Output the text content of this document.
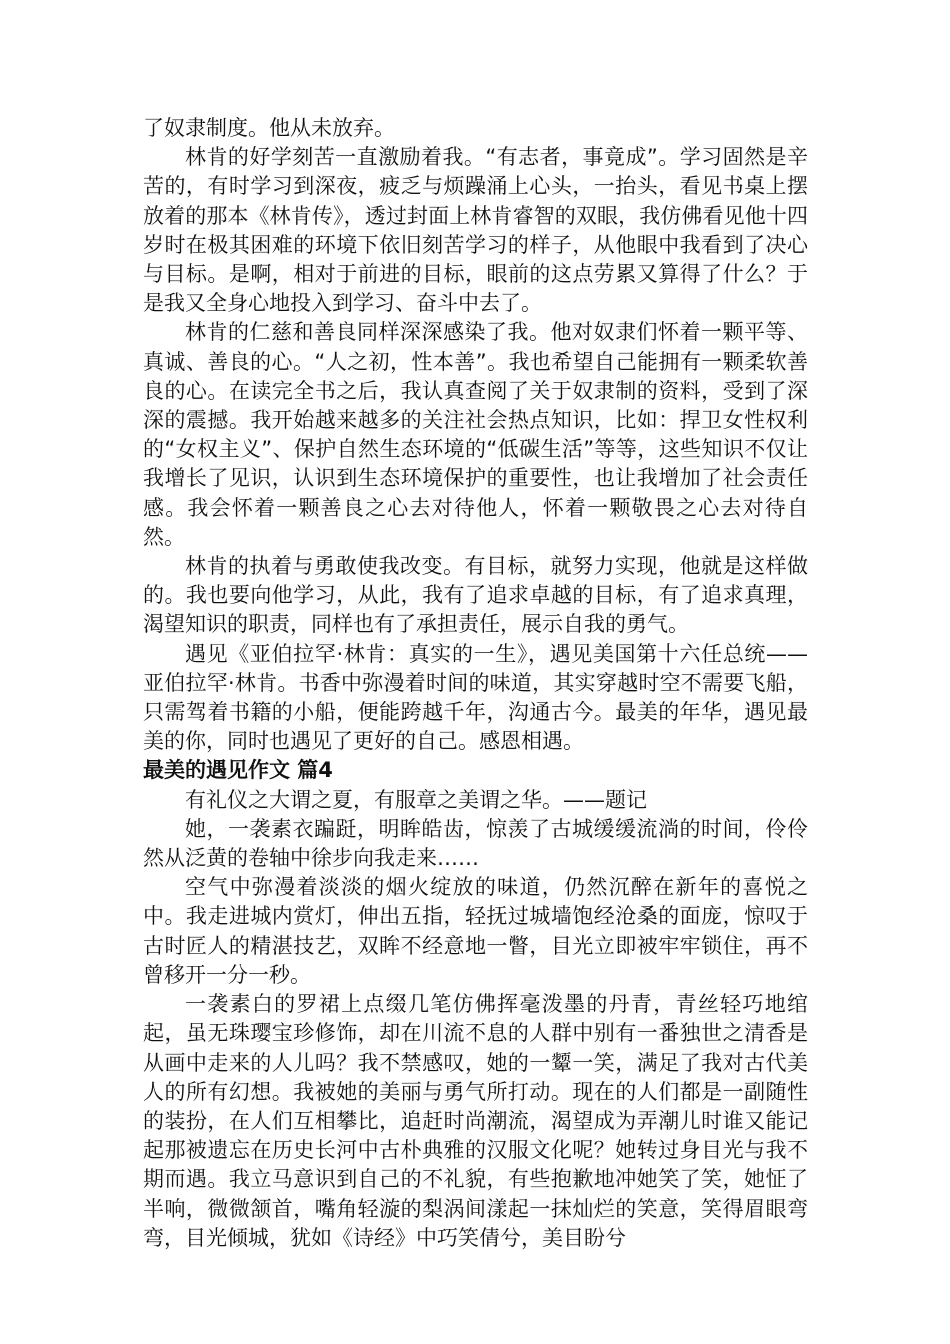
了奴隶制度。他从未放弃。

林肯的好学刻苦一直激励着我。“有志者，事竟成”。学习固然是辛苦的，有时学习到深夜，疲乏与烦躁涌上心头，一抬头，看见书桌上摆放着的那本《林肯传》，透过封面上林肯睿智的双眼，我仿佛看见他十四岁时在极其困难的环境下依旧刻苦学习的样子，从他眼中我看到了决心与目标。是啊，相对于前进的目标，眼前的这点劳累又算得了什么？于是我又全身心地投入到学习、奋斗中去了。

林肯的仁慈和善良同样深深感染了我。他对奴隶们怀着一颗平等、真诚、善良的心。“人之初，性本善”。我也希望自己能拥有一颗柔软善良的心。在读完全书之后，我认真查阅了关于奴隶制的资料，受到了深深的震撼。我开始越来越多的关注社会热点知识，比如：捍卫女性权利的“女权主义”、保护自然生态环境的“低碳生活”等等，这些知识不仅让我增长了见识，认识到生态环境保护的重要性，也让我增加了社会责任感。我会怀着一颗善良之心去对待他人，怀着一颗敬畏之心去对待自然。

林肯的执着与勇敢使我改变。有目标，就努力实现，他就是这样做的。我也要向他学习，从此，我有了追求卓越的目标，有了追求真理，渴望知识的职责，同样也有了承担责任，展示自我的勇气。

遇见《亚伯拉罕·林肯：真实的一生》，遇见美国第十六任总统——亚伯拉罕·林肯。书香中弥漫着时间的味道，其实穿越时空不需要飞船，只需驾着书籍的小船，便能跨越千年，沟通古今。最美的年华，遇见最美的你，同时也遇见了更好的自己。感恩相遇。

最美的遇见作文 篇4

有礼仪之大谓之夏，有服章之美谓之华。——题记

她，一袭素衣蹁跹，明眸皓齿，惊羡了古城缓缓流淌的时间，伶伶然从泛黄的卷轴中徐步向我走来……

空气中弥漫着淡淡的烟火绽放的味道，仍然沉醉在新年的喜悦之中。我走进城内赏灯，伸出五指，轻抚过城墙饱经沧桑的面庞，惊叹于古时匠人的精湛技艺，双眸不经意地一瞥，目光立即被牢牢锁住，再不曾移开一分一秒。

一袭素白的罗裙上点缀几笔仿佛挥毫泼墨的丹青，青丝轻巧地绾起，虽无珠璎宝珍修饰，却在川流不息的人群中别有一番独世之清香是从画中走来的人儿吗？我不禁感叹，她的一颦一笑，满足了我对古代美人的所有幻想。我被她的美丽与勇气所打动。现在的人们都是一副随性的装扮，在人们互相攀比，追赶时尚潮流，渴望成为弄潮儿时谁又能记起那被遗忘在历史长河中古朴典雅的汉服文化呢？她转过身目光与我不期而遇。我立马意识到自己的不礼貌，有些抱歉地冲她笑了笑，她怔了半响，微微颔首，嘴角轻漩的梨涡间漾起一抹灿烂的笑意，笑得眉眼弯弯，目光倾城，犹如《诗经》中巧笑倩兮，美目盼兮
